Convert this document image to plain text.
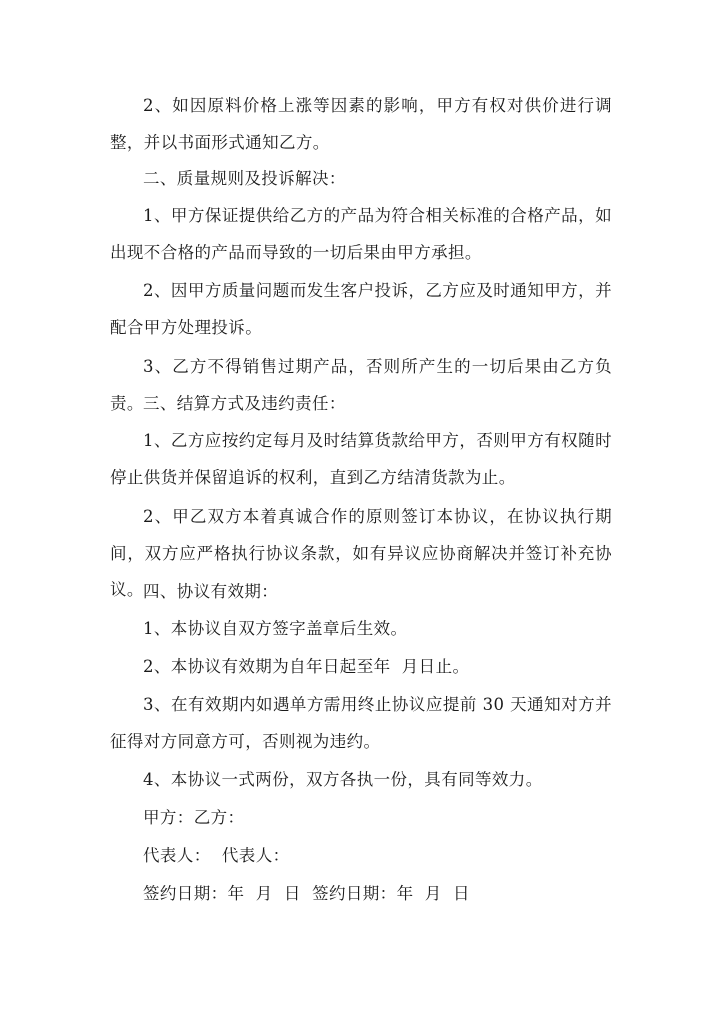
2、如因原料价格上涨等因素的影响，甲方有权对供价进行调整，并以书面形式通知乙方。

二、质量规则及投诉解决：

1、甲方保证提供给乙方的产品为符合相关标准的合格产品，如出现不合格的产品而导致的一切后果由甲方承担。

2、因甲方质量问题而发生客户投诉，乙方应及时通知甲方，并配合甲方处理投诉。

3、乙方不得销售过期产品，否则所产生的一切后果由乙方负责。 三、结算方式及违约责任：

1、乙方应按约定每月及时结算货款给甲方，否则甲方有权随时停止供货并保留追诉的权利，直到乙方结清货款为止。

2、甲乙双方本着真诚合作的原则签订本协议，在协议执行期间，双方应严格执行协议条款，如有异议应协商解决并签订补充协议。 四、协议有效期：

1、本协议自双方签字盖章后生效。

2、本协议有效期为自年日起至年  月日止。

3、在有效期内如遇单方需用终止协议应提前 30 天通知对方并征得对方同意方可，否则视为违约。

4、本协议一式两份，双方各执一份，具有同等效力。

甲方：乙方：

代表人：  代表人：

签约日期：年  月  日  签约日期：年  月  日
